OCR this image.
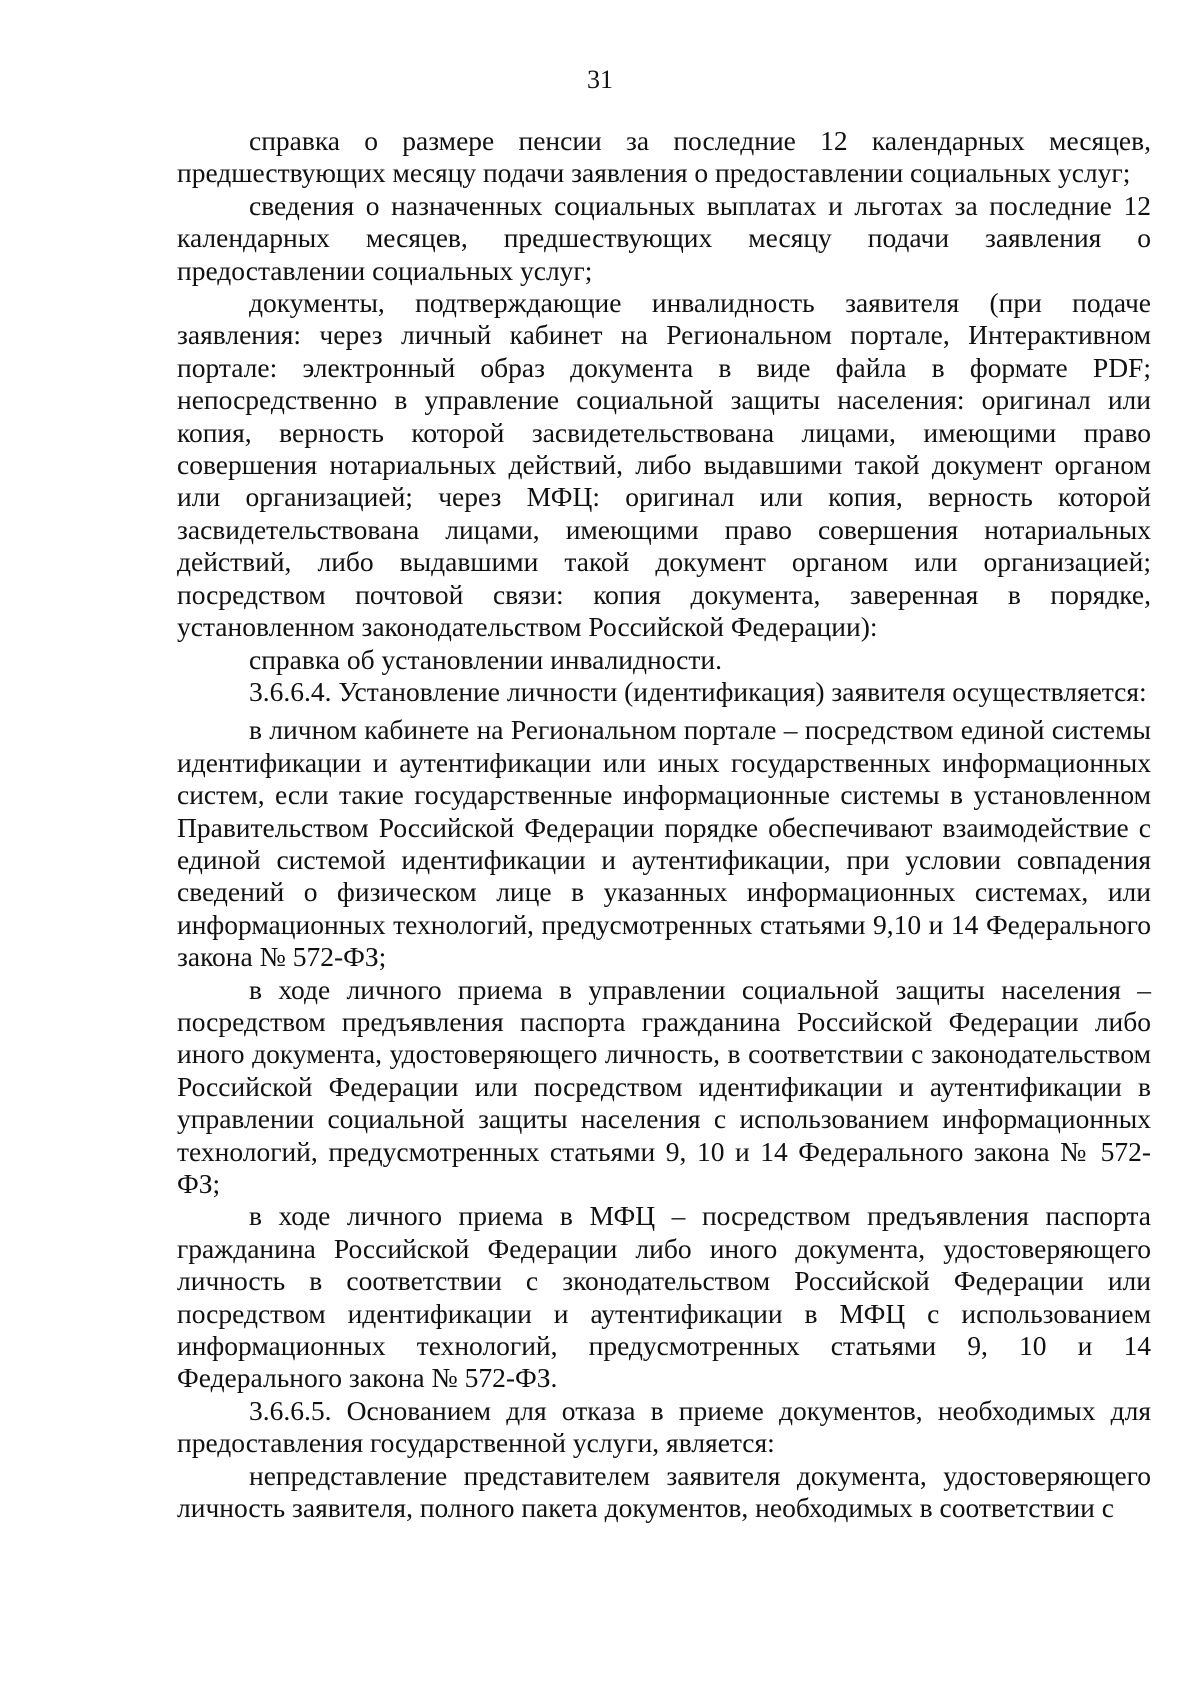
31

справка о размере пенсии за последние 12 календарных месяцев, предшествующих месяцу подачи заявления о предоставлении социальных услуг;

сведения о назначенных социальных выплатах и льготах за последние 12 календарных месяцев, предшествующих месяцу подачи заявления о предоставлении социальных услуг;

документы, подтверждающие инвалидность заявителя (при подаче заявления: через личный кабинет на Региональном портале, Интерактивном портале: электронный образ документа в виде файла в формате PDF; непосредственно в управление социальной защиты населения: оригинал или копия, верность которой засвидетельствована лицами, имеющими право совершения нотариальных действий, либо выдавшими такой документ органом или организацией; через МФЦ: оригинал или копия, верность которой засвидетельствована лицами, имеющими право совершения нотариальных действий, либо выдавшими такой документ органом или организацией; посредством почтовой связи: копия документа, заверенная в порядке, установленном законодательством Российской Федерации):

справка об установлении инвалидности.

3.6.6.4. Установление личности (идентификация) заявителя осуществляется:

в личном кабинете на Региональном портале – посредством единой системы идентификации и аутентификации или иных государственных информационных систем, если такие государственные информационные системы в установленном Правительством Российской Федерации порядке обеспечивают взаимодействие с единой системой идентификации и аутентификации, при условии совпадения сведений о физическом лице в указанных информационных системах, или информационных технологий, предусмотренных статьями 9,10 и 14 Федерального закона № 572-ФЗ;

в ходе личного приема в управлении социальной защиты населения – посредством предъявления паспорта гражданина Российской Федерации либо иного документа, удостоверяющего личность, в соответствии с законодательством Российской Федерации или посредством идентификации и аутентификации в управлении социальной защиты населения с использованием информационных технологий, предусмотренных статьями 9, 10 и 14 Федерального закона № 572-ФЗ;

в ходе личного приема в МФЦ – посредством предъявления паспорта гражданина Российской Федерации либо иного документа, удостоверяющего личность в соответствии с зконодательством Российской Федерации или посредством идентификации и аутентификации в МФЦ с использованием информационных технологий, предусмотренных статьями 9, 10 и 14 Федерального закона № 572-ФЗ.

3.6.6.5. Основанием для отказа в приеме документов, необходимых для предоставления государственной услуги, является:

непредставление представителем заявителя документа, удостоверяющего личность заявителя, полного пакета документов, необходимых в соответствии с
